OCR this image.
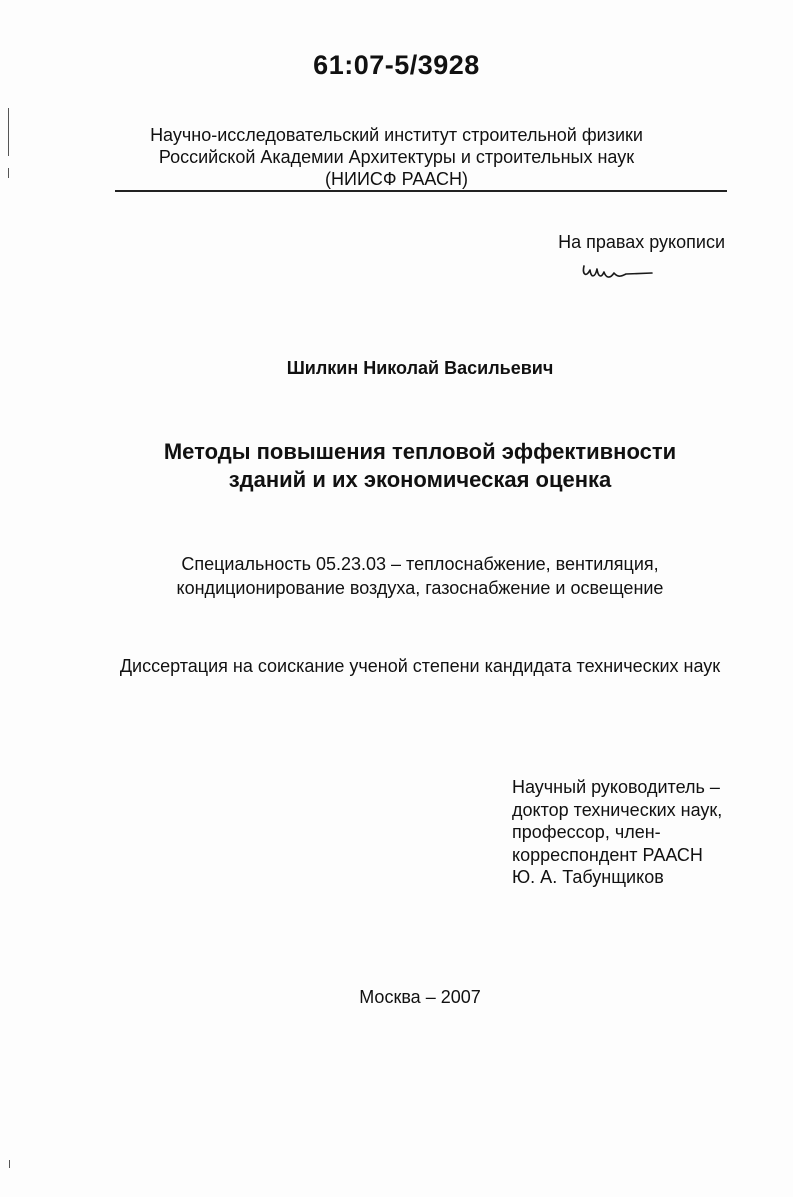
61:07-5/3928
Научно-исследовательский институт строительной физики
Российской Академии Архитектуры и строительных наук
(НИИСФ РААСН)
На правах рукописи
Шилкин Николай Васильевич
Методы повышения тепловой эффективности
зданий и их экономическая оценка
Специальность 05.23.03 – теплоснабжение, вентиляция,
кондиционирование воздуха, газоснабжение и освещение
Диссертация на соискание ученой степени кандидата технических наук
Научный руководитель –
доктор технических наук,
профессор, член-
корреспондент РААСН
Ю. А. Табунщиков
Москва – 2007
